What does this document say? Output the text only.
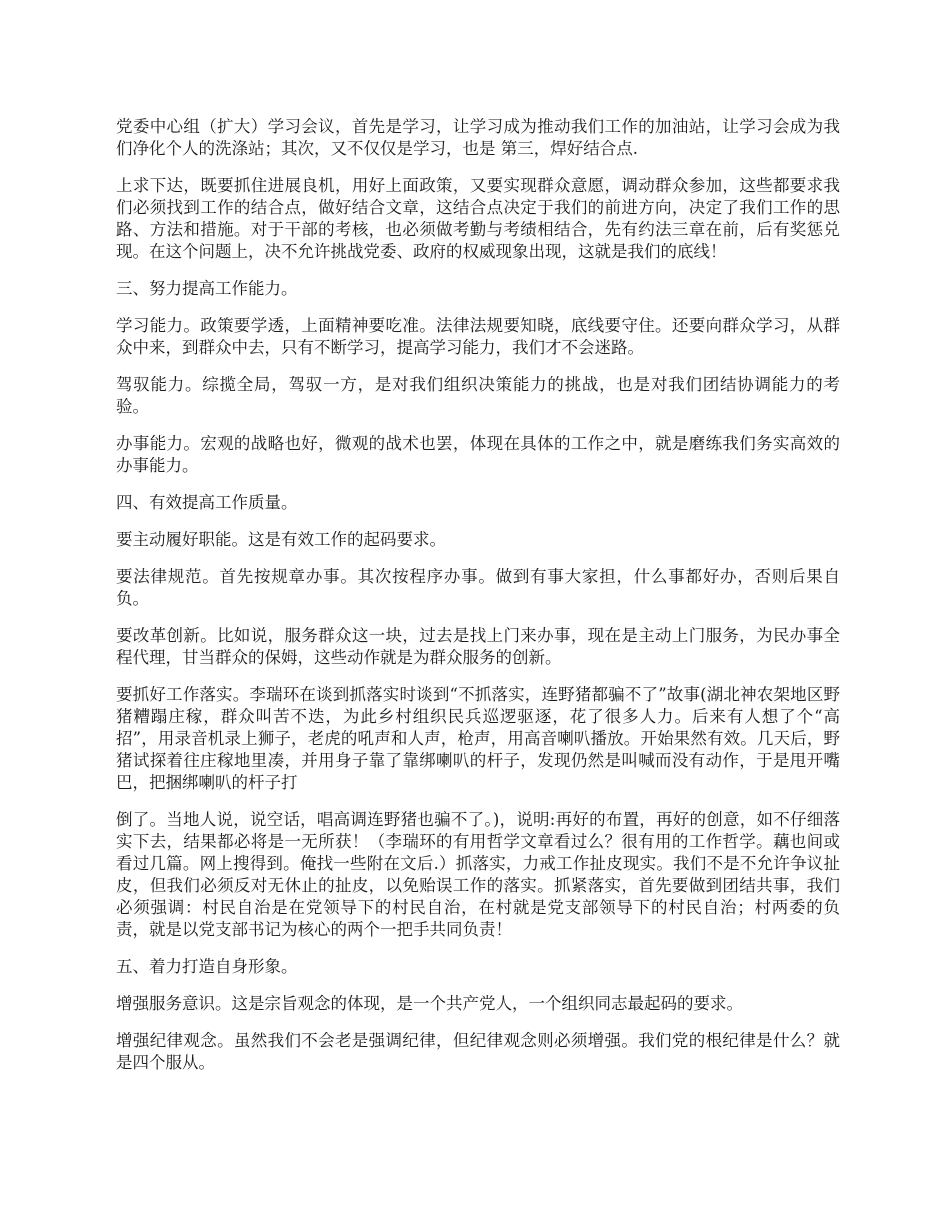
党委中心组（扩大）学习会议，首先是学习，让学习成为推动我们工作的加油站，让学习会成为我们净化个人的洗涤站；其次，又不仅仅是学习，也是 第三，焊好结合点.

上求下达，既要抓住进展良机，用好上面政策，又要实现群众意愿，调动群众参加，这些都要求我们必须找到工作的结合点，做好结合文章，这结合点决定于我们的前进方向，决定了我们工作的思路、方法和措施。对于干部的考核，也必须做考勤与考绩相结合，先有约法三章在前，后有奖惩兑现。在这个问题上，决不允许挑战党委、政府的权威现象出现，这就是我们的底线！

三、努力提高工作能力。

学习能力。政策要学透，上面精神要吃准。法律法规要知晓，底线要守住。还要向群众学习，从群众中来，到群众中去，只有不断学习，提高学习能力，我们才不会迷路。

驾驭能力。综揽全局，驾驭一方，是对我们组织决策能力的挑战，也是对我们团结协调能力的考验。

办事能力。宏观的战略也好，微观的战术也罢，体现在具体的工作之中，就是磨练我们务实高效的办事能力。

四、有效提高工作质量。

要主动履好职能。这是有效工作的起码要求。

要法律规范。首先按规章办事。其次按程序办事。做到有事大家担，什么事都好办，否则后果自负。

要改革创新。比如说，服务群众这一块，过去是找上门来办事，现在是主动上门服务，为民办事全程代理，甘当群众的保姆，这些动作就是为群众服务的创新。

要抓好工作落实。李瑞环在谈到抓落实时谈到“不抓落实，连野猪都骗不了”故事(湖北神农架地区野猪糟蹋庄稼，群众叫苦不迭，为此乡村组织民兵巡逻驱逐，花了很多人力。后来有人想了个“高招”，用录音机录上狮子，老虎的吼声和人声，枪声，用高音喇叭播放。开始果然有效。几天后，野猪试探着往庄稼地里凑，并用身子靠了靠绑喇叭的杆子，发现仍然是叫喊而没有动作，于是甩开嘴巴，把捆绑喇叭的杆子打

倒了。当地人说，说空话，唱高调连野猪也骗不了。)，说明:再好的布置，再好的创意，如不仔细落实下去，结果都必将是一无所获！（李瑞环的有用哲学文章看过么？很有用的工作哲学。藕也间或看过几篇。网上搜得到。俺找一些附在文后.）抓落实，力戒工作扯皮现实。我们不是不允许争议扯皮，但我们必须反对无休止的扯皮，以免贻误工作的落实。抓紧落实，首先要做到团结共事，我们必须强调：村民自治是在党领导下的村民自治，在村就是党支部领导下的村民自治；村两委的负责，就是以党支部书记为核心的两个一把手共同负责！

五、着力打造自身形象。

增强服务意识。这是宗旨观念的体现，是一个共产党人，一个组织同志最起码的要求。

增强纪律观念。虽然我们不会老是强调纪律，但纪律观念则必须增强。我们党的根纪律是什么？就是四个服从。
